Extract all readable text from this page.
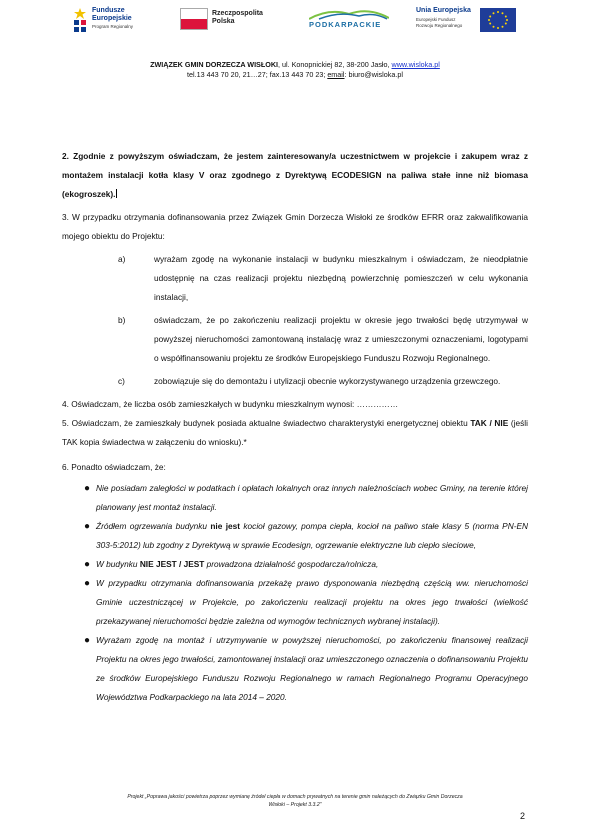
Fundusze
Europejskie
Program Regionalny
Rzeczpospolita
Polska	PODKARPACKIE
Unia Europejska
Europejski Fundusz
Rozwoju Regionalnego
ZWIĄZEK GMIN DORZECZA WISŁOKI, ul. Konopnickiej 82, 38-200 Jasło, www.wisloka.pl
tel.13 443 70 20, 21…27; fax.13 443 70 23; email: biuro@wisloka.pl

2. Zgodnie z powyższym oświadczam, że jestem zainteresowany/a uczestnictwem w projekcie i zakupem wraz z montażem instalacji kotła klasy V oraz zgodnego z Dyrektywą ECODESIGN na paliwa stałe inne niż biomasa (ekogroszek).

3. W przypadku otrzymania dofinansowania przez Związek Gmin Dorzecza Wisłoki ze środków EFRR oraz zakwalifikowania mojego obiektu do Projektu:

a)	wyrażam zgodę na wykonanie instalacji w budynku mieszkalnym i oświadczam, że nieodpłatnie udostępnię na czas realizacji projektu niezbędną powierzchnię pomieszczeń w celu wykonania instalacji,
b)	oświadczam, że po zakończeniu realizacji projektu w okresie jego trwałości będę utrzymywał w powyższej nieruchomości zamontowaną instalację wraz z umieszczonymi oznaczeniami, logotypami o współfinansowaniu projektu ze środków Europejskiego Funduszu Rozwoju Regionalnego.
c)	zobowiązuje się do demontażu i utylizacji obecnie wykorzystywanego urządzenia grzewczego.

4. Oświadczam, że liczba osób zamieszkałych w budynku mieszkalnym wynosi: ……………

5. Oświadczam, że zamieszkały budynek posiada aktualne świadectwo charakterystyki energetycznej obiektu TAK / NIE (jeśli TAK kopia świadectwa w załączeniu do wniosku).*

6. Ponadto oświadczam, że:

● Nie posiadam zaległości w podatkach i opłatach lokalnych oraz innych należnościach wobec Gminy, na terenie której planowany jest montaż instalacji.
● Źródłem ogrzewania budynku nie jest kocioł gazowy, pompa ciepła, kocioł na paliwo stałe klasy 5 (norma PN-EN 303-5:2012) lub zgodny z Dyrektywą w sprawie Ecodesign, ogrzewanie elektryczne lub ciepło sieciowe,
● W budynku NIE JEST / JEST prowadzona działalność gospodarcza/rolnicza,
● W przypadku otrzymania dofinansowania przekażę prawo dysponowania niezbędną częścią ww. nieruchomości Gminie uczestniczącej w Projekcie, po zakończeniu realizacji projektu na okres jego trwałości (wielkość przekazywanej nieruchomości będzie zależna od wymogów technicznych wybranej instalacji).
● Wyrażam zgodę na montaż i utrzymywanie w powyższej nieruchomości, po zakończeniu finansowej realizacji Projektu na okres jego trwałości, zamontowanej instalacji oraz umieszczonego oznaczenia o dofinansowaniu Projektu ze środków Europejskiego Funduszu Rozwoju Regionalnego w ramach Regionalnego Programu Operacyjnego Województwa Podkarpackiego na lata 2014 – 2020.
Projekt „Poprawa jakości powietrza poprzez wymianę źródeł ciepła w domach prywatnych na terenie gmin należących do Związku Gmin Dorzecza
Wisłoki – Projekt 3.3.2”
2
